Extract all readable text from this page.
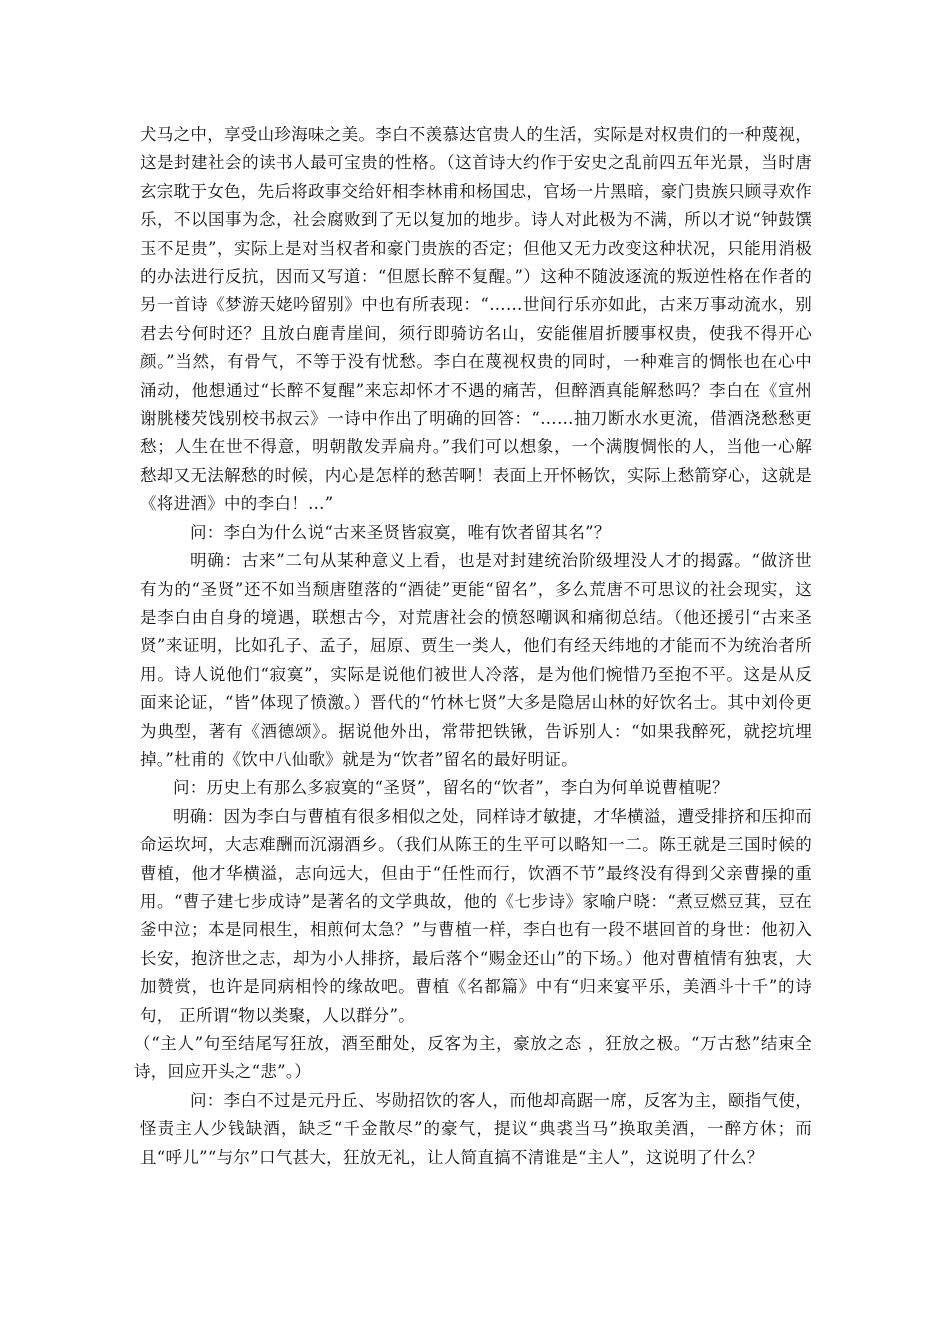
犬马之中，享受山珍海味之美。李白不羡慕达官贵人的生活，实际是对权贵们的一种蔑视，这是封建社会的读书人最可宝贵的性格。（这首诗大约作于安史之乱前四五年光景，当时唐玄宗耽于女色，先后将政事交给奸相李林甫和杨国忠，官场一片黑暗，豪门贵族只顾寻欢作乐，不以国事为念，社会腐败到了无以复加的地步。诗人对此极为不满，所以才说“钟鼓馔玉不足贵”，实际上是对当权者和豪门贵族的否定；但他又无力改变这种状况，只能用消极的办法进行反抗，因而又写道：“但愿长醉不复醒。”）这种不随波逐流的叛逆性格在作者的另一首诗《梦游天姥吟留别》中也有所表现：“……世间行乐亦如此，古来万事动流水，别君去兮何时还？且放白鹿青崖间，须行即骑访名山，安能催眉折腰事权贵，使我不得开心颜。”当然，有骨气，不等于没有忧愁。李白在蔑视权贵的同时，一种难言的惆怅也在心中涌动，他想通过“长醉不复醒”来忘却怀才不遇的痛苦，但醉酒真能解愁吗？李白在《宣州谢朓楼芡饯别校书叔云》一诗中作出了明确的回答：“……抽刀断水水更流，借酒浇愁愁更愁；人生在世不得意，明朝散发弄扁舟。”我们可以想象，一个满腹惆怅的人，当他一心解愁却又无法解愁的时候，内心是怎样的愁苦啊！表面上开怀畅饮，实际上愁箭穿心，这就是《将进酒》中的李白！…”

问：李白为什么说“古来圣贤皆寂寞，唯有饮者留其名”？

明确：古来”二句从某种意义上看，也是对封建统治阶级埋没人才的揭露。“做济世有为的“圣贤”还不如当颓唐堕落的“酒徒”更能“留名”，多么荒唐不可思议的社会现实，这是李白由自身的境遇，联想古今，对荒唐社会的愤怒嘲讽和痛彻总结。（他还援引“古来圣贤”来证明，比如孔子、孟子，屈原、贾生一类人，他们有经天纬地的才能而不为统治者所用。诗人说他们“寂寞”，实际是说他们被世人冷落，是为他们惋惜乃至抱不平。这是从反面来论证，“皆”体现了愤激。）晋代的“竹林七贤”大多是隐居山林的好饮名士。其中刘伶更为典型，著有《酒德颂》。据说他外出，常带把铁锹，告诉别人：“如果我醉死，就挖坑埋掉。”杜甫的《饮中八仙歌》就是为“饮者”留名的最好明证。

问：历史上有那么多寂寞的“圣贤”，留名的“饮者”，李白为何单说曹植呢？

明确：因为李白与曹植有很多相似之处，同样诗才敏捷，才华横溢，遭受排挤和压抑而命运坎坷，大志难酬而沉溺酒乡。（我们从陈王的生平可以略知一二。陈王就是三国时候的曹植，他才华横溢，志向远大，但由于“任性而行，饮酒不节”最终没有得到父亲曹操的重用。“曹子建七步成诗”是著名的文学典故，他的《七步诗》家喻户晓：“煮豆燃豆萁，豆在釜中泣；本是同根生，相煎何太急？”与曹植一样，李白也有一段不堪回首的身世：他初入长安，抱济世之志，却为小人排挤，最后落个“赐金还山”的下场。）他对曹植情有独衷，大加赞赏，也许是同病相怜的缘故吧。曹植《名都篇》中有“归来宴平乐，美酒斗十千”的诗句， 正所谓“物以类聚，人以群分”。

（“主人”句至结尾写狂放，酒至酣处，反客为主，豪放之态 ，狂放之极。“万古愁”结束全诗，回应开头之“悲”。）

问：李白不过是元丹丘、岑勋招饮的客人，而他却高踞一席，反客为主，颐指气使，怪责主人少钱缺酒，缺乏“千金散尽”的豪气，提议“典裘当马”换取美酒，一醉方休；而且“呼儿”“与尔”口气甚大，狂放无礼，让人简直搞不清谁是“主人”，这说明了什么？
